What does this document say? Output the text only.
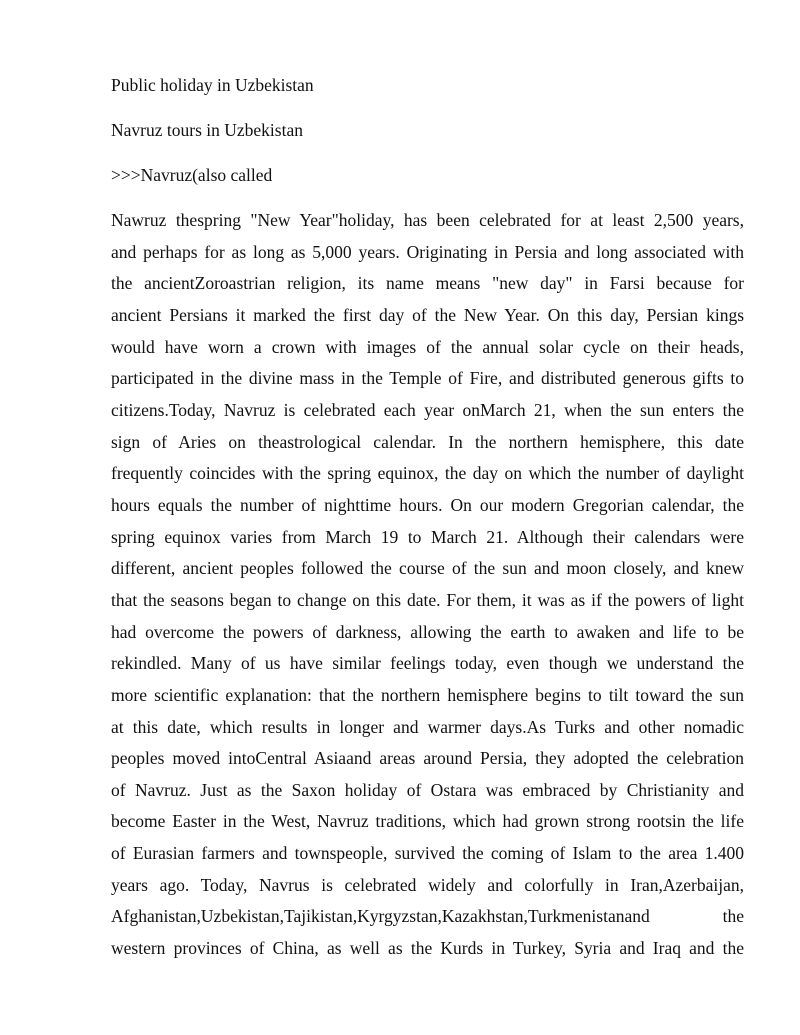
Public holiday in Uzbekistan
Navruz tours in Uzbekistan
>>>Navruz(also called
Nawruz thespring "New Year"holiday, has been celebrated for at least 2,500 years,
and perhaps for as long as 5,000 years. Originating in Persia and long associated with
the ancientZoroastrian religion, its name means "new day" in Farsi because for
ancient Persians it marked the first day of the New Year. On this day, Persian kings
would have worn a crown with images of the annual solar cycle on their heads,
participated in the divine mass in the Temple of Fire, and distributed generous gifts to
citizens.Today, Navruz is celebrated each year onMarch 21, when the sun enters the
sign of Aries on theastrological calendar. In the northern hemisphere, this date
frequently coincides with the spring equinox, the day on which the number of daylight
hours equals the number of nighttime hours. On our modern Gregorian calendar, the
spring equinox varies from March 19 to March 21. Although their calendars were
different, ancient peoples followed the course of the sun and moon closely, and knew
that the seasons began to change on this date. For them, it was as if the powers of light
had overcome the powers of darkness, allowing the earth to awaken and life to be
rekindled. Many of us have similar feelings today, even though we understand the
more scientific explanation: that the northern hemisphere begins to tilt toward the sun
at this date, which results in longer and warmer days.As Turks and other nomadic
peoples moved intoCentral Asiaand areas around Persia, they adopted the celebration
of Navruz. Just as the Saxon holiday of Ostara was embraced by Christianity and
become Easter in the West, Navruz traditions, which had grown strong rootsin the life
of Eurasian farmers and townspeople, survived the coming of Islam to the area 1.400
years ago. Today, Navrus is celebrated widely and colorfully in Iran,Azerbaijan,
Afghanistan,Uzbekistan,Tajikistan,Kyrgyzstan,Kazakhstan,Turkmenistanand the
western provinces of China, as well as the Kurds in Turkey, Syria and Iraq and the
